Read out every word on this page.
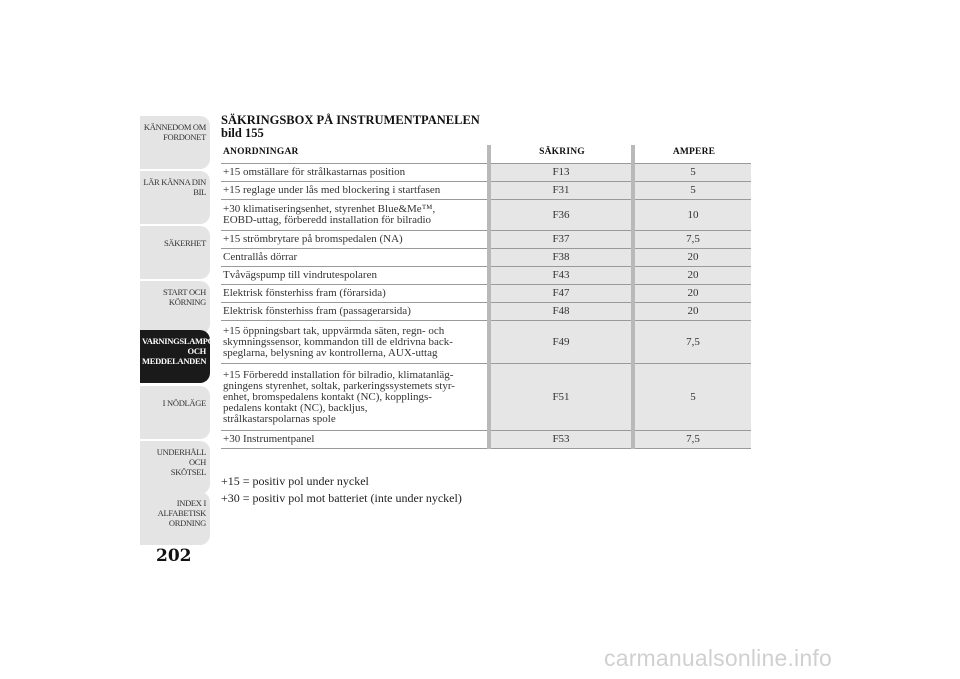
KÄNNEDOM OM
FORDONET
LÄR KÄNNA DIN
BIL
SÄKERHET
START OCH
KÖRNING
VARNINGSLAMPOR
OCH
MEDDELANDEN
I NÖDLÄGE
UNDERHÅLL OCH
SKÖTSEL
INDEX I
ALFABETISK
ORDNING
202
SÄKRINGSBOX PÅ INSTRUMENTPANELEN
bild 155
ANORDNINGAR	SÄKRING	AMPERE
+15 omställare för strålkastarnas position	F13	5
+15 reglage under lås med blockering i startfasen	F31	5
+30 klimatiseringsenhet, styrenhet Blue&Me™,
EOBD-uttag, förberedd installation för bilradio	F36	10
+15 strömbrytare på bromspedalen (NA)	F37	7,5
Centrallås dörrar	F38	20
Tvåvägspump till vindrutespolaren	F43	20
Elektrisk fönsterhiss fram (förarsida)	F47	20
Elektrisk fönsterhiss fram (passagerarsida)	F48	20
+15 öppningsbart tak, uppvärmda säten, regn- och
skymningssensor, kommandon till de eldrivna back-
speglarna, belysning av kontrollerna, AUX-uttag	F49	7,5
+15 Förberedd installation för bilradio, klimatanläg-
gningens styrenhet, soltak, parkeringssystemets styr-
enhet, bromspedalens kontakt (NC), kopplings-
pedalens kontakt (NC), backljus,
strålkastarspolarnas spole	F51	5
+30 Instrumentpanel	F53	7,5
+15 = positiv pol under nyckel
+30 = positiv pol mot batteriet (inte under nyckel)
carmanualsonline.info
